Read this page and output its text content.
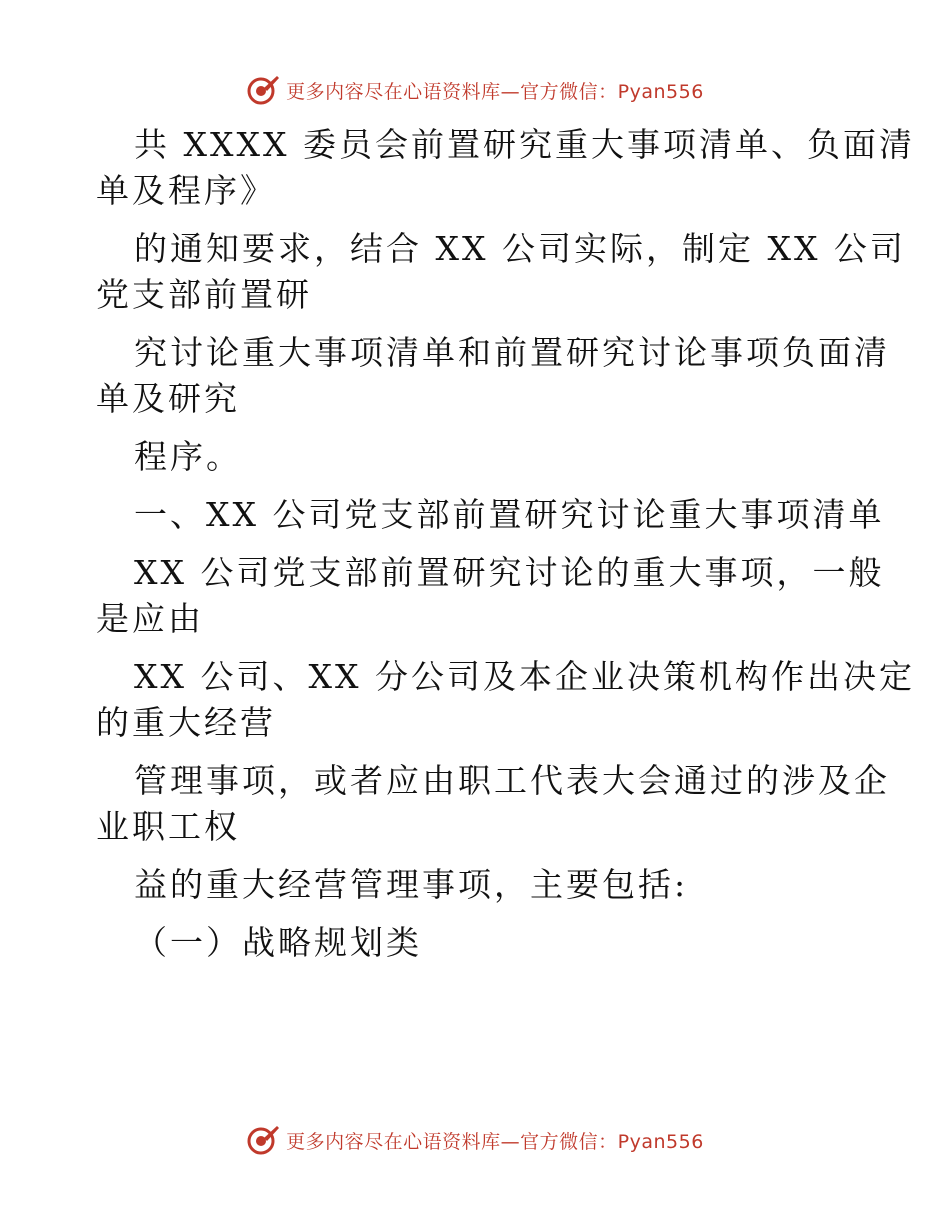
更多内容尽在心语资料库—官方微信：Pyan556
共 XXXX 委员会前置研究重大事项清单、负面清
单及程序》
的通知要求，结合 XX 公司实际，制定 XX 公司
党支部前置研
究讨论重大事项清单和前置研究讨论事项负面清
单及研究
程序。
一、XX 公司党支部前置研究讨论重大事项清单
XX 公司党支部前置研究讨论的重大事项，一般
是应由
XX 公司、XX 分公司及本企业决策机构作出决定
的重大经营
管理事项，或者应由职工代表大会通过的涉及企
业职工权
益的重大经营管理事项，主要包括:
（一）战略规划类
更多内容尽在心语资料库—官方微信：Pyan556
